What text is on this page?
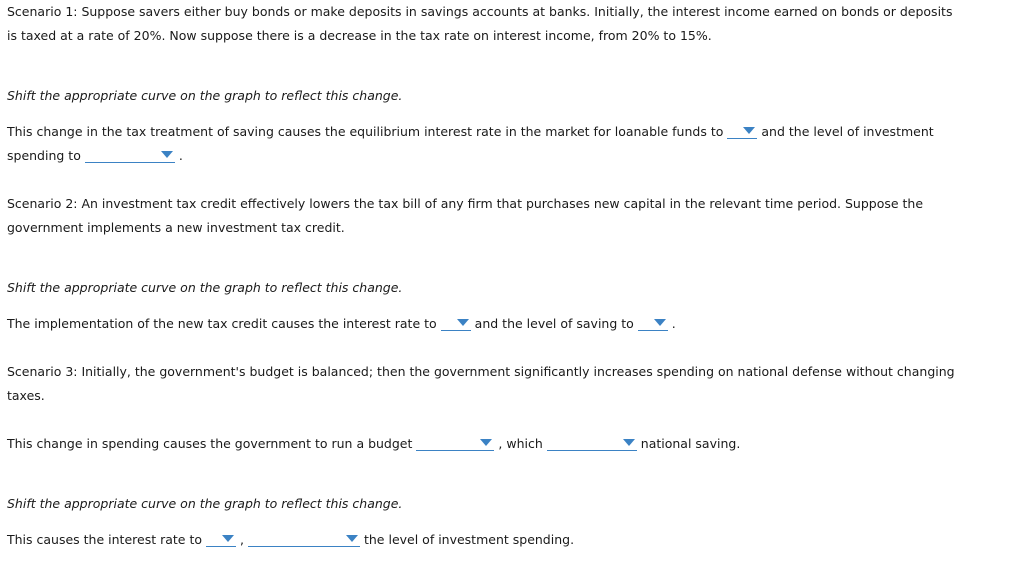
Scenario 1: Suppose savers either buy bonds or make deposits in savings accounts at banks. Initially, the interest income earned on bonds or deposits
is taxed at a rate of 20%. Now suppose there is a decrease in the tax rate on interest income, from 20% to 15%.
Shift the appropriate curve on the graph to reflect this change.
This change in the tax treatment of saving causes the equilibrium interest rate in the market for loanable funds to	and the level of investment
spending to	.
Scenario 2: An investment tax credit effectively lowers the tax bill of any firm that purchases new capital in the relevant time period. Suppose the
government implements a new investment tax credit.
Shift the appropriate curve on the graph to reflect this change.
The implementation of the new tax credit causes the interest rate to	and the level of saving to	.
Scenario 3: Initially, the government's budget is balanced; then the government significantly increases spending on national defense without changing
taxes.
This change in spending causes the government to run a budget	, which	national saving.
Shift the appropriate curve on the graph to reflect this change.
This causes the interest rate to	,	the level of investment spending.
